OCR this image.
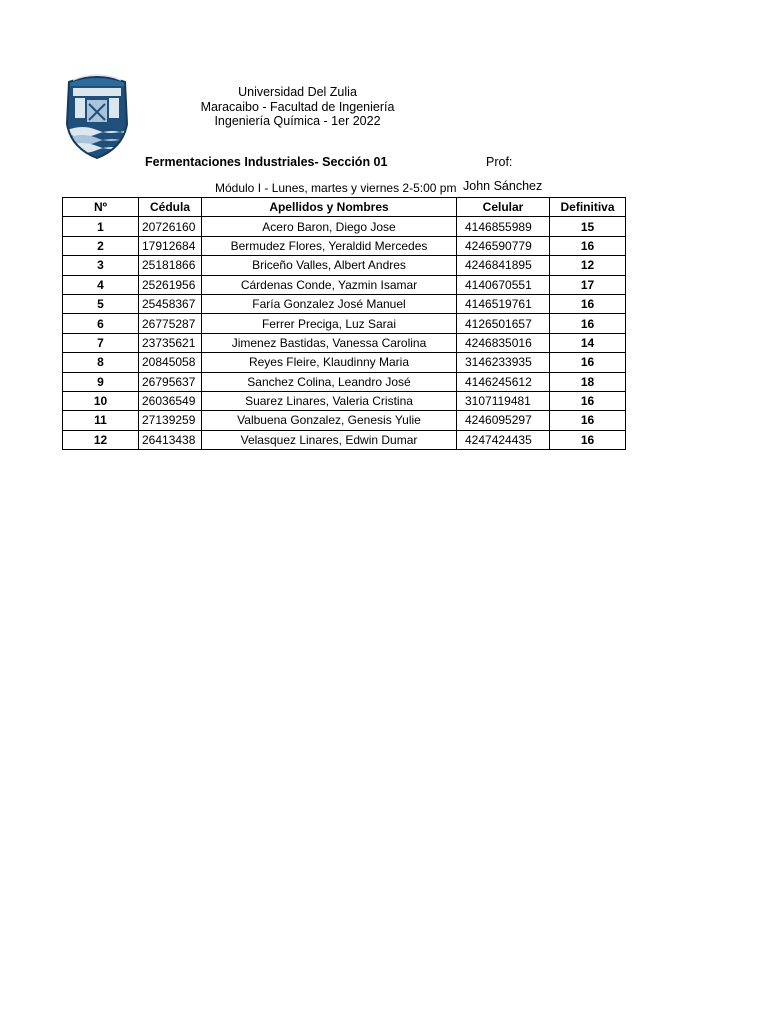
Universidad Del Zulia
Maracaibo - Facultad de Ingeniería
Ingeniería Química - 1er 2022
Fermentaciones Industriales- Sección 01	Prof:
Módulo I - Lunes, martes y viernes 2-5:00 pm John Sánchez
Nº	Cédula	Apellidos y Nombres	Celular	Definitiva
1	20726160	Acero Baron, Diego Jose	4146855989	15
2	17912684	Bermudez Flores, Yeraldid Mercedes	4246590779	16
3	25181866	Briceño Valles, Albert Andres	4246841895	12
4	25261956	Cárdenas Conde, Yazmin Isamar	4140670551	17
5	25458367	Faría Gonzalez José Manuel	4146519761	16
6	26775287	Ferrer Preciga, Luz Sarai	4126501657	16
7	23735621	Jimenez Bastidas, Vanessa Carolina	4246835016	14
8	20845058	Reyes Fleire, Klaudinny Maria	3146233935	16
9	26795637	Sanchez Colina, Leandro José	4146245612	18
10	26036549	Suarez Linares, Valeria Cristina	3107119481	16
11	27139259	Valbuena Gonzalez, Genesis Yulie	4246095297	16
12	26413438	Velasquez Linares, Edwin Dumar	4247424435	16
